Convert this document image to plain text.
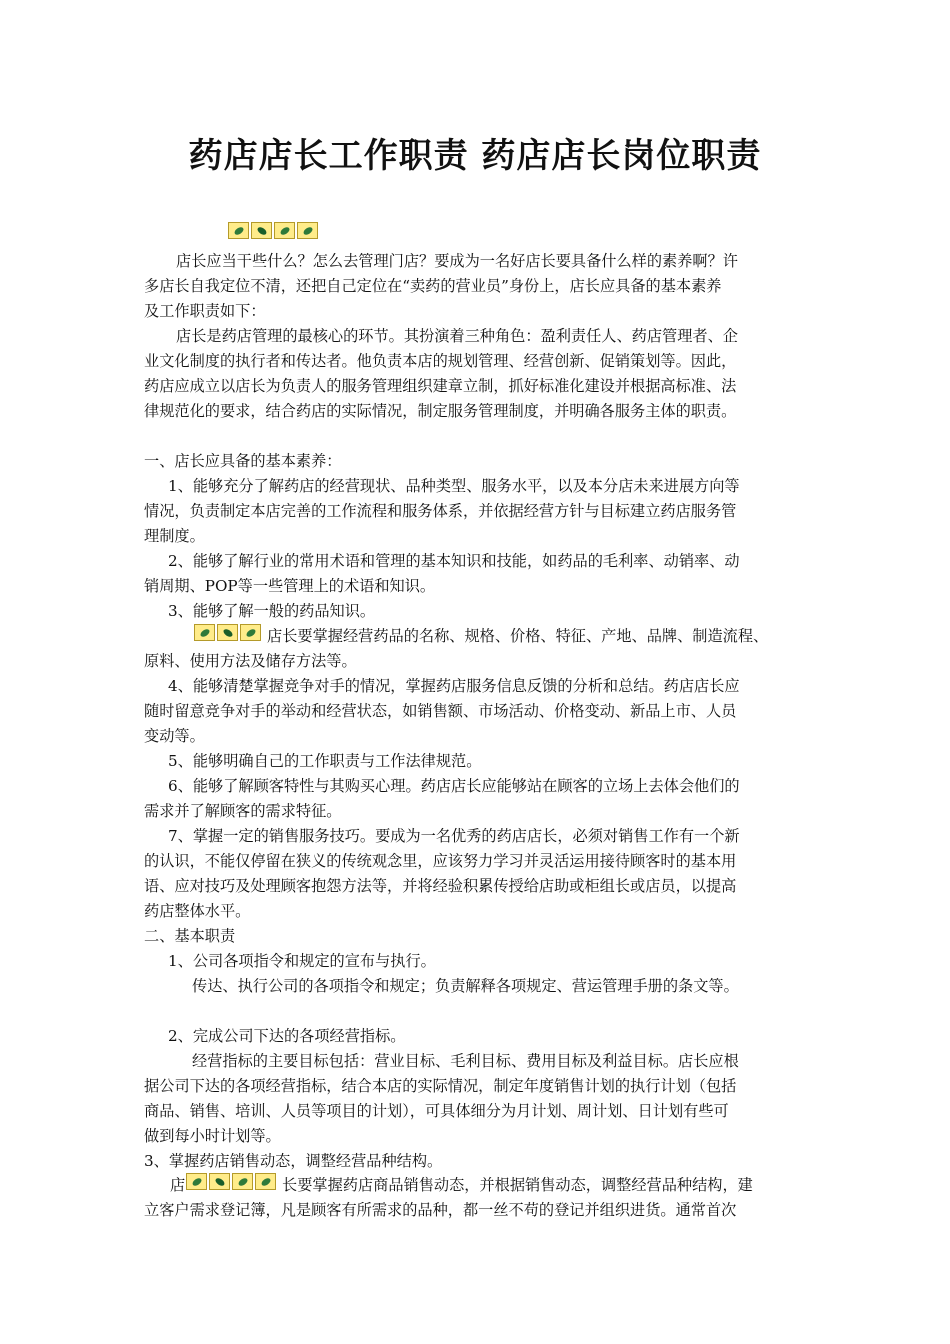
药店店长工作职责 药店店长岗位职责

店长应当干些什么？怎么去管理门店？要成为一名好店长要具备什么样的素养啊？许

多店长自我定位不清，还把自己定位在“卖药的营业员”身份上，店长应具备的基本素养

及工作职责如下：

店长是药店管理的最核心的环节。其扮演着三种角色：盈利责任人、药店管理者、企

业文化制度的执行者和传达者。他负责本店的规划管理、经营创新、促销策划等。因此，

药店应成立以店长为负责人的服务管理组织建章立制，抓好标准化建设并根据高标准、法

律规范化的要求，结合药店的实际情况，制定服务管理制度，并明确各服务主体的职责。

一、店长应具备的基本素养：

1、能够充分了解药店的经营现状、品种类型、服务水平，以及本分店未来进展方向等

情况，负责制定本店完善的工作流程和服务体系，并依据经营方针与目标建立药店服务管

理制度。

2、能够了解行业的常用术语和管理的基本知识和技能，如药品的毛利率、动销率、动

销周期、POP等一些管理上的术语和知识。

3、能够了解一般的药品知识。

店长要掌握经营药品的名称、规格、价格、特征、产地、品牌、制造流程、

原料、使用方法及储存方法等。

4、能够清楚掌握竞争对手的情况，掌握药店服务信息反馈的分析和总结。药店店长应

随时留意竞争对手的举动和经营状态，如销售额、市场活动、价格变动、新品上市、人员

变动等。

5、能够明确自己的工作职责与工作法律规范。

6、能够了解顾客特性与其购买心理。药店店长应能够站在顾客的立场上去体会他们的

需求并了解顾客的需求特征。

7、掌握一定的销售服务技巧。要成为一名优秀的药店店长，必须对销售工作有一个新

的认识，不能仅停留在狭义的传统观念里，应该努力学习并灵活运用接待顾客时的基本用

语、应对技巧及处理顾客抱怨方法等，并将经验积累传授给店助或柜组长或店员，以提高

药店整体水平。

二、基本职责

1、公司各项指令和规定的宣布与执行。

传达、执行公司的各项指令和规定；负责解释各项规定、营运管理手册的条文等。

2、完成公司下达的各项经营指标。

经营指标的主要目标包括：营业目标、毛利目标、费用目标及利益目标。店长应根

据公司下达的各项经营指标，结合本店的实际情况，制定年度销售计划的执行计划（包括

商品、销售、培训、人员等项目的计划），可具体细分为月计划、周计划、日计划有些可

做到每小时计划等。

3、掌握药店销售动态，调整经营品种结构。

店	长要掌握药店商品销售动态，并根据销售动态，调整经营品种结构，建

立客户需求登记簿，凡是顾客有所需求的品种，都一丝不苟的登记并组织进货。通常首次
